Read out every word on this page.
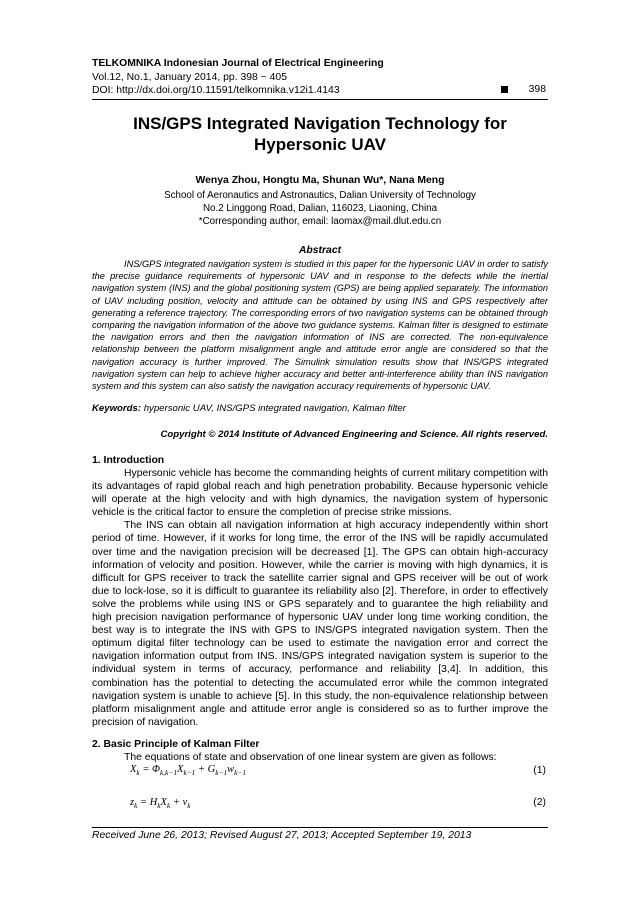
TELKOMNIKA Indonesian Journal of Electrical Engineering
Vol.12, No.1, January 2014, pp. 398 ~ 405
DOI: http://dx.doi.org/10.11591/telkomnika.v12i1.4143	398
INS/GPS Integrated Navigation Technology for Hypersonic UAV
Wenya Zhou, Hongtu Ma, Shunan Wu*, Nana Meng
School of Aeronautics and Astronautics, Dalian University of Technology
No.2 Linggong Road, Dalian, 116023, Liaoning, China
*Corresponding author, email: laomax@mail.dlut.edu.cn
Abstract
INS/GPS integrated navigation system is studied in this paper for the hypersonic UAV in order to satisfy the precise guidance requirements of hypersonic UAV and in response to the defects while the inertial navigation system (INS) and the global positioning system (GPS) are being applied separately. The information of UAV including position, velocity and attitude can be obtained by using INS and GPS respectively after generating a reference trajectory. The corresponding errors of two navigation systems can be obtained through comparing the navigation information of the above two guidance systems. Kalman filter is designed to estimate the navigation errors and then the navigation information of INS are corrected. The non-equivalence relationship between the platform misalignment angle and attitude error angle are considered so that the navigation accuracy is further improved. The Simulink simulation results show that INS/GPS integrated navigation system can help to achieve higher accuracy and better anti-interference ability than INS navigation system and this system can also satisfy the navigation accuracy requirements of hypersonic UAV.
Keywords: hypersonic UAV, INS/GPS integrated navigation, Kalman filter
Copyright © 2014 Institute of Advanced Engineering and Science. All rights reserved.
1. Introduction

Hypersonic vehicle has become the commanding heights of current military competition with its advantages of rapid global reach and high penetration probability. Because hypersonic vehicle will operate at the high velocity and with high dynamics, the navigation system of hypersonic vehicle is the critical factor to ensure the completion of precise strike missions.

The INS can obtain all navigation information at high accuracy independently within short period of time. However, if it works for long time, the error of the INS will be rapidly accumulated over time and the navigation precision will be decreased [1]. The GPS can obtain high-accuracy information of velocity and position. However, while the carrier is moving with high dynamics, it is difficult for GPS receiver to track the satellite carrier signal and GPS receiver will be out of work due to lock-lose, so it is difficult to guarantee its reliability also [2]. Therefore, in order to effectively solve the problems while using INS or GPS separately and to guarantee the high reliability and high precision navigation performance of hypersonic UAV under long time working condition, the best way is to integrate the INS with GPS to INS/GPS integrated navigation system. Then the optimum digital filter technology can be used to estimate the navigation error and correct the navigation information output from INS. INS/GPS integrated navigation system is superior to the individual system in terms of accuracy, performance and reliability [3,4]. In addition, this combination has the potential to detecting the accumulated error while the common integrated navigation system is unable to achieve [5]. In this study, the non-equivalence relationship between platform misalignment angle and attitude error angle is considered so as to further improve the precision of navigation.

2. Basic Principle of Kalman Filter
The equations of state and observation of one linear system are given as follows:
$X_k = \Phi_{k,k-1}X_{k-1} + G_{k-1}w_{k-1}$	(1)
$z_k = H_kX_k + v_k$	(2)
Received June 26, 2013; Revised August 27, 2013; Accepted September 19, 2013
